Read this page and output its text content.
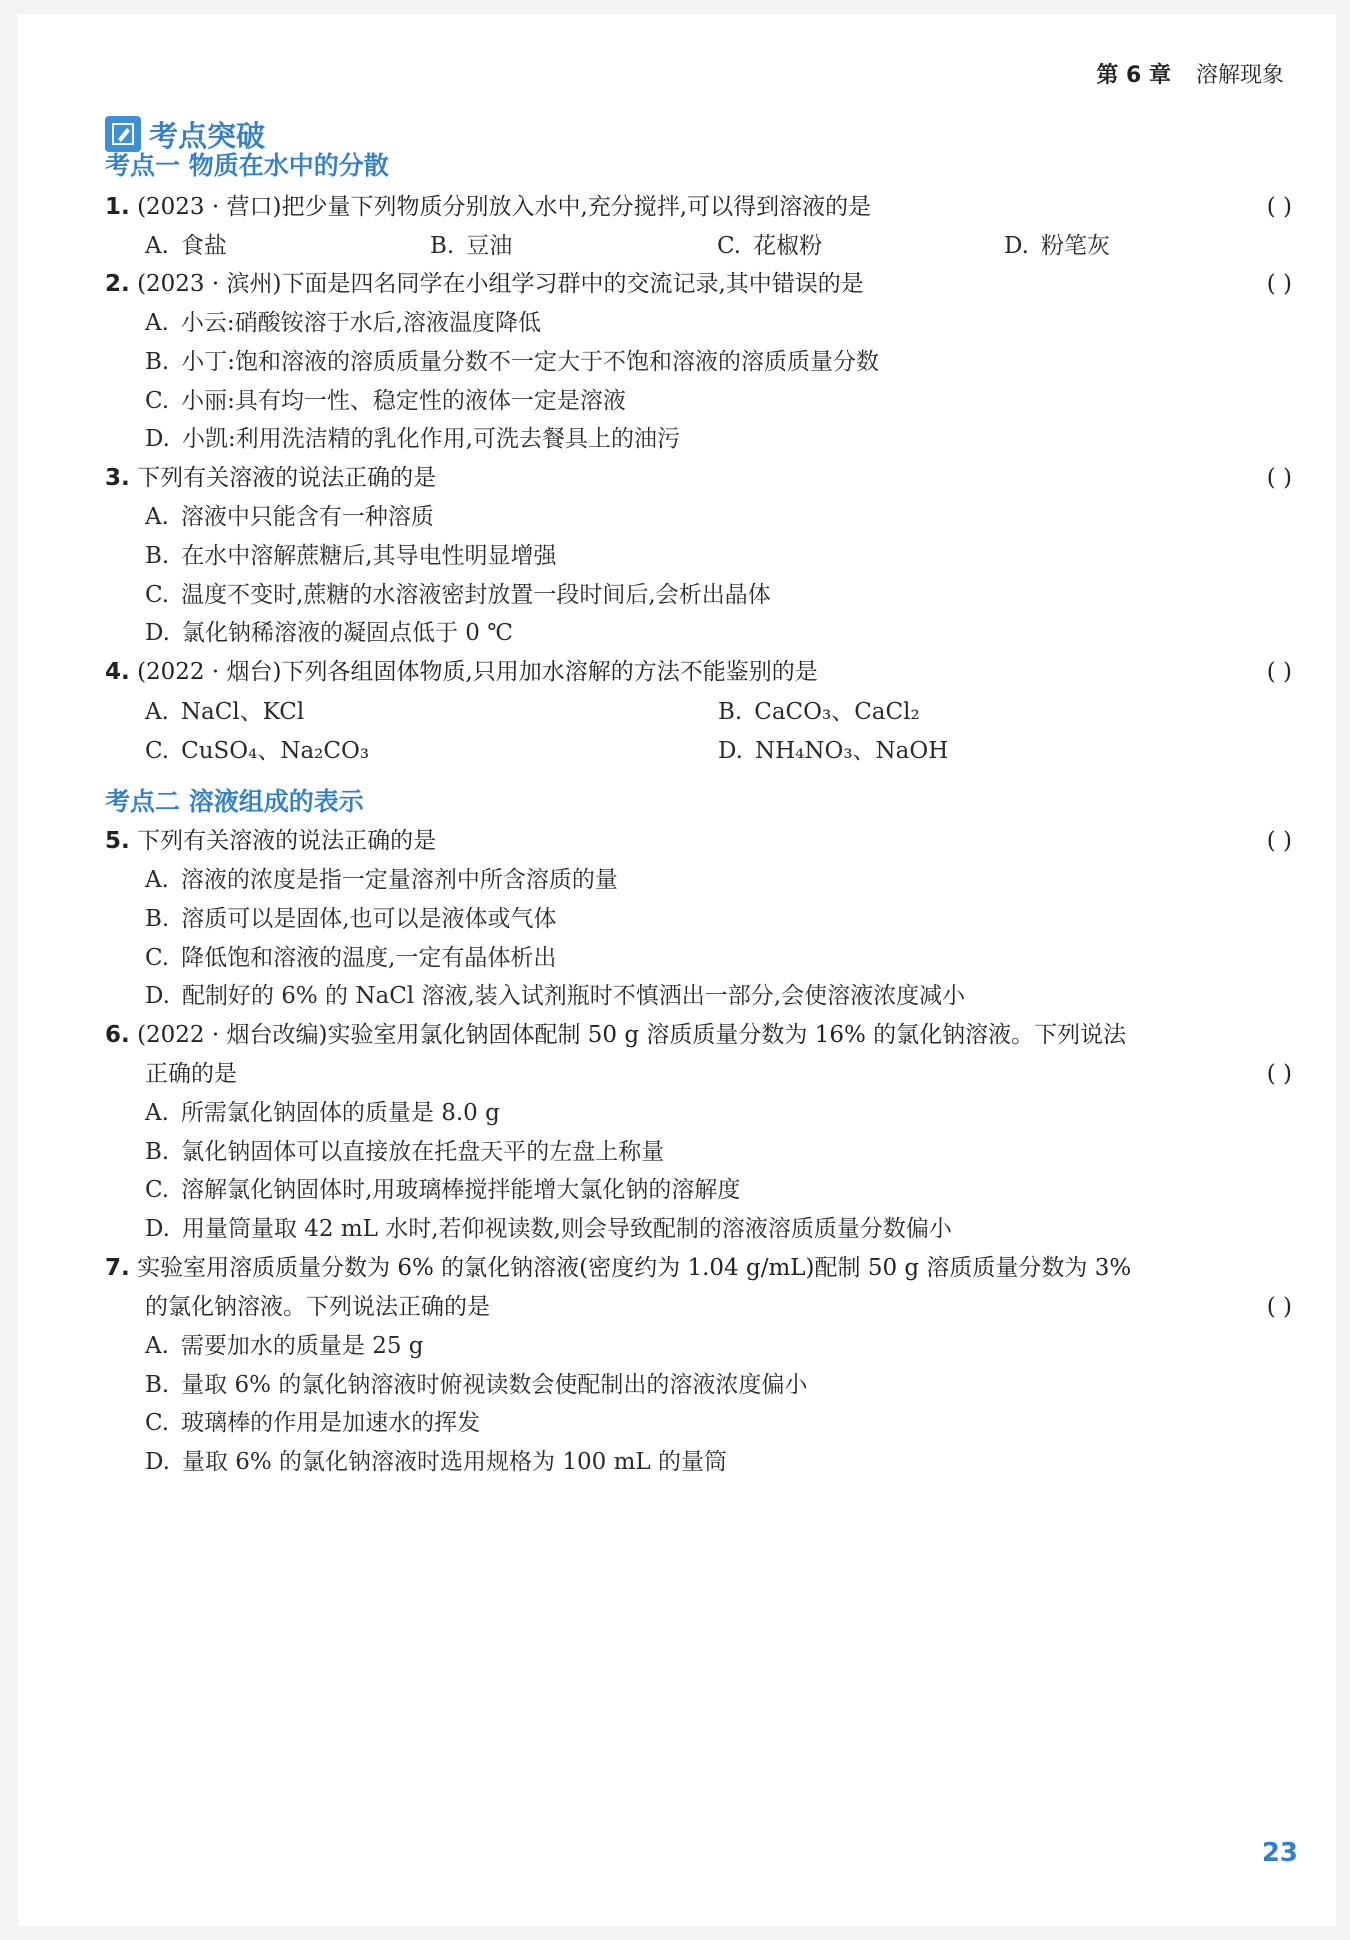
第 6 章 溶解现象
考点突破
考点一 物质在水中的分散
1. (2023 · 营口)把少量下列物质分别放入水中,充分搅拌,可以得到溶液的是	( )
A. 食盐	B. 豆油	C. 花椒粉	D. 粉笔灰
2. (2023 · 滨州)下面是四名同学在小组学习群中的交流记录,其中错误的是	( )
A. 小云:硝酸铵溶于水后,溶液温度降低
B. 小丁:饱和溶液的溶质质量分数不一定大于不饱和溶液的溶质质量分数
C. 小丽:具有均一性、稳定性的液体一定是溶液
D. 小凯:利用洗洁精的乳化作用,可洗去餐具上的油污
3. 下列有关溶液的说法正确的是	( )
A. 溶液中只能含有一种溶质
B. 在水中溶解蔗糖后,其导电性明显增强
C. 温度不变时,蔗糖的水溶液密封放置一段时间后,会析出晶体
D. 氯化钠稀溶液的凝固点低于 0 ℃
4. (2022 · 烟台)下列各组固体物质,只用加水溶解的方法不能鉴别的是	( )
A. NaCl、KCl	B. CaCO₃、CaCl₂
C. CuSO₄、Na₂CO₃	D. NH₄NO₃、NaOH
考点二 溶液组成的表示
5. 下列有关溶液的说法正确的是	( )
A. 溶液的浓度是指一定量溶剂中所含溶质的量
B. 溶质可以是固体,也可以是液体或气体
C. 降低饱和溶液的温度,一定有晶体析出
D. 配制好的 6% 的 NaCl 溶液,装入试剂瓶时不慎洒出一部分,会使溶液浓度减小
6. (2022 · 烟台改编)实验室用氯化钠固体配制 50 g 溶质质量分数为 16% 的氯化钠溶液。下列说法
正确的是	( )
A. 所需氯化钠固体的质量是 8.0 g
B. 氯化钠固体可以直接放在托盘天平的左盘上称量
C. 溶解氯化钠固体时,用玻璃棒搅拌能增大氯化钠的溶解度
D. 用量筒量取 42 mL 水时,若仰视读数,则会导致配制的溶液溶质质量分数偏小
7. 实验室用溶质质量分数为 6% 的氯化钠溶液(密度约为 1.04 g/mL)配制 50 g 溶质质量分数为 3%
的氯化钠溶液。下列说法正确的是	( )
A. 需要加水的质量是 25 g
B. 量取 6% 的氯化钠溶液时俯视读数会使配制出的溶液浓度偏小
C. 玻璃棒的作用是加速水的挥发
D. 量取 6% 的氯化钠溶液时选用规格为 100 mL 的量筒
23
